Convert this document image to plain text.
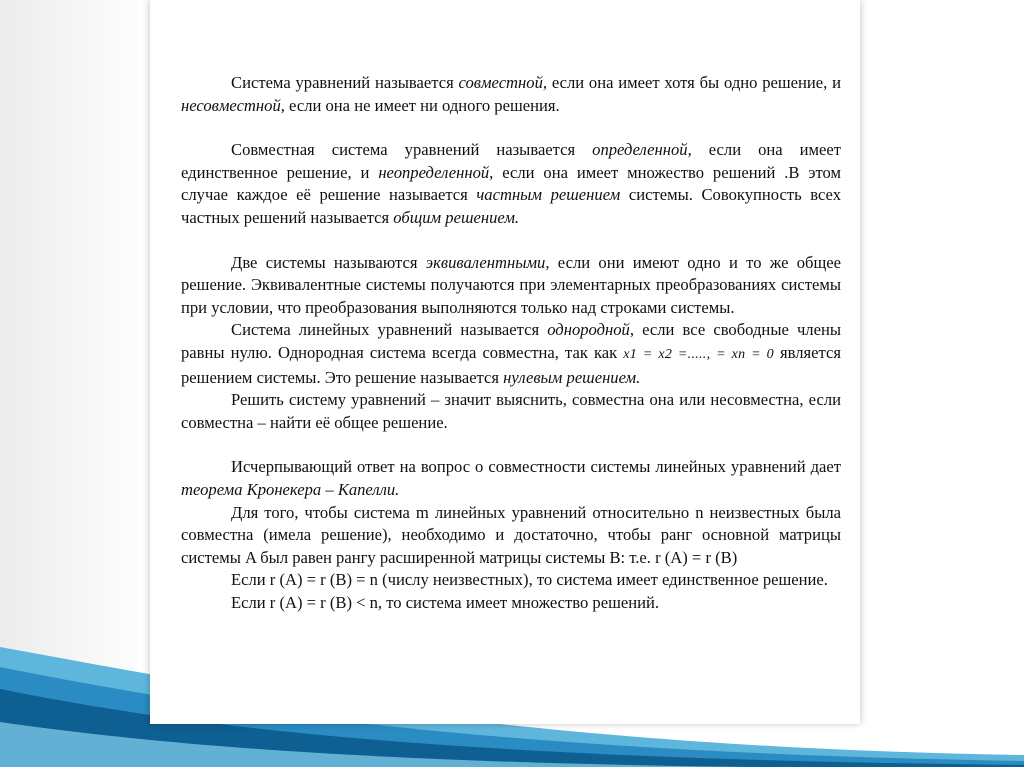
Система уравнений называется совместной, если она имеет хотя бы одно решение, и несовместной, если она не имеет ни одного решения.

Совместная система уравнений называется определенной, если она имеет единственное решение, и неопределенной, если она имеет множество решений .В этом случае каждое её решение называется частным решением системы. Совокупность всех частных решений называется общим решением.

Две системы называются эквивалентными, если они имеют одно и то же общее решение. Эквивалентные системы получаются при элементарных преобразованиях системы при условии, что преобразования выполняются только над строками системы.

Система линейных уравнений называется однородной, если все свободные члены равны нулю. Однородная система всегда совместна, так как x1 = x2 =....., = xn = 0 является решением системы. Это решение называется нулевым решением.

Решить систему уравнений – значит выяснить, совместна она или несовместна, если совместна – найти её общее решение.

Исчерпывающий ответ на вопрос о совместности системы линейных уравнений дает теорема Кронекера – Капелли.

Для того, чтобы система m линейных уравнений относительно n неизвестных была совместна (имела решение), необходимо и достаточно, чтобы ранг основной матрицы системы A был равен рангу расширенной матрицы системы B: т.е. r (A) = r (B)

Если r (A) = r (B) = n (числу неизвестных), то система имеет единственное решение.

Если r (A) = r (B) < n, то система имеет множество решений.
